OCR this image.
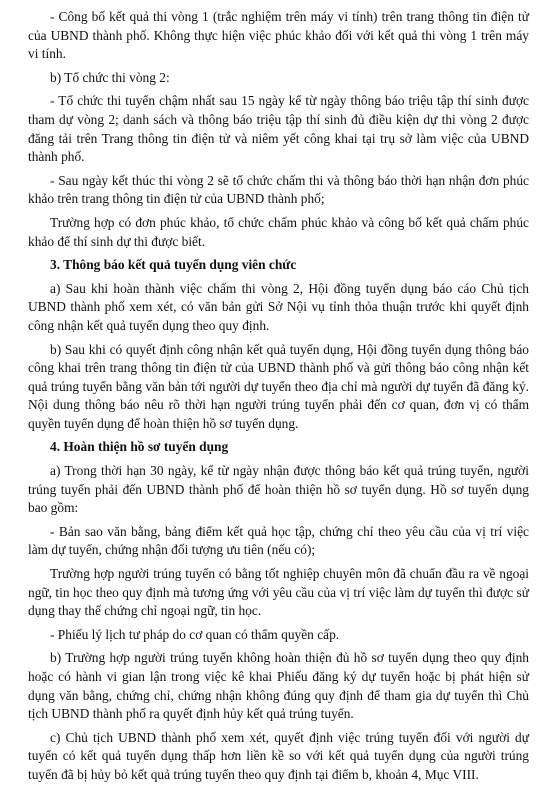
- Công bố kết quả thi vòng 1 (trắc nghiệm trên máy vi tính) trên trang thông tin điện tử của UBND thành phố. Không thực hiện việc phúc khảo đối với kết quả thi vòng 1 trên máy vi tính.

b) Tổ chức thi vòng 2:

- Tổ chức thi tuyển chậm nhất sau 15 ngày kể từ ngày thông báo triệu tập thí sinh được tham dự vòng 2; danh sách và thông báo triệu tập thí sinh đủ điều kiện dự thi vòng 2 được đăng tải trên Trang thông tin điện tử và niêm yết công khai tại trụ sở làm việc của UBND thành phố.

- Sau ngày kết thúc thi vòng 2 sẽ tổ chức chấm thi và thông báo thời hạn nhận đơn phúc khảo trên trang thông tin điện tử của UBND thành phố;

Trường hợp có đơn phúc khảo, tổ chức chấm phúc khảo và công bố kết quả chấm phúc khảo để thí sinh dự thi được biết.

3. Thông báo kết quả tuyển dụng viên chức

a) Sau khi hoàn thành việc chấm thi vòng 2, Hội đồng tuyển dụng báo cáo Chủ tịch UBND thành phố xem xét, có văn bản gửi Sở Nội vụ tỉnh thỏa thuận trước khi quyết định công nhận kết quả tuyển dụng theo quy định.

b) Sau khi có quyết định công nhận kết quả tuyển dụng, Hội đồng tuyển dụng thông báo công khai trên trang thông tin điện tử của UBND thành phố và gửi thông báo công nhận kết quả trúng tuyển bằng văn bản tới người dự tuyển theo địa chỉ mà người dự tuyển đã đăng ký. Nội dung thông báo nêu rõ thời hạn người trúng tuyển phải đến cơ quan, đơn vị có thẩm quyền tuyển dụng để hoàn thiện hồ sơ tuyển dụng.

4. Hoàn thiện hồ sơ tuyển dụng

a) Trong thời hạn 30 ngày, kể từ ngày nhận được thông báo kết quả trúng tuyển, người trúng tuyển phải đến UBND thành phố để hoàn thiện hồ sơ tuyển dụng. Hồ sơ tuyển dụng bao gồm:

- Bản sao văn bằng, bảng điểm kết quả học tập, chứng chỉ theo yêu cầu của vị trí việc làm dự tuyển, chứng nhận đối tượng ưu tiên (nếu có);

Trường hợp người trúng tuyển có bằng tốt nghiệp chuyên môn đã chuẩn đầu ra về ngoại ngữ, tin học theo quy định mà tương ứng với yêu cầu của vị trí việc làm dự tuyển thì được sử dụng thay thế chứng chỉ ngoại ngữ, tin học.

- Phiếu lý lịch tư pháp do cơ quan có thẩm quyền cấp.

b) Trường hợp người trúng tuyển không hoàn thiện đủ hồ sơ tuyển dụng theo quy định hoặc có hành vi gian lận trong việc kê khai Phiếu đăng ký dự tuyển hoặc bị phát hiện sử dụng văn bằng, chứng chỉ, chứng nhận không đúng quy định để tham gia dự tuyển thì Chủ tịch UBND thành phố ra quyết định hủy kết quả trúng tuyển.

c) Chủ tịch UBND thành phố xem xét, quyết định việc trúng tuyển đối với người dự tuyển có kết quả tuyển dụng thấp hơn liền kề so với kết quả tuyển dụng của người trúng tuyển đã bị hủy bỏ kết quả trúng tuyển theo quy định tại điểm b, khoản 4, Mục VIII.
